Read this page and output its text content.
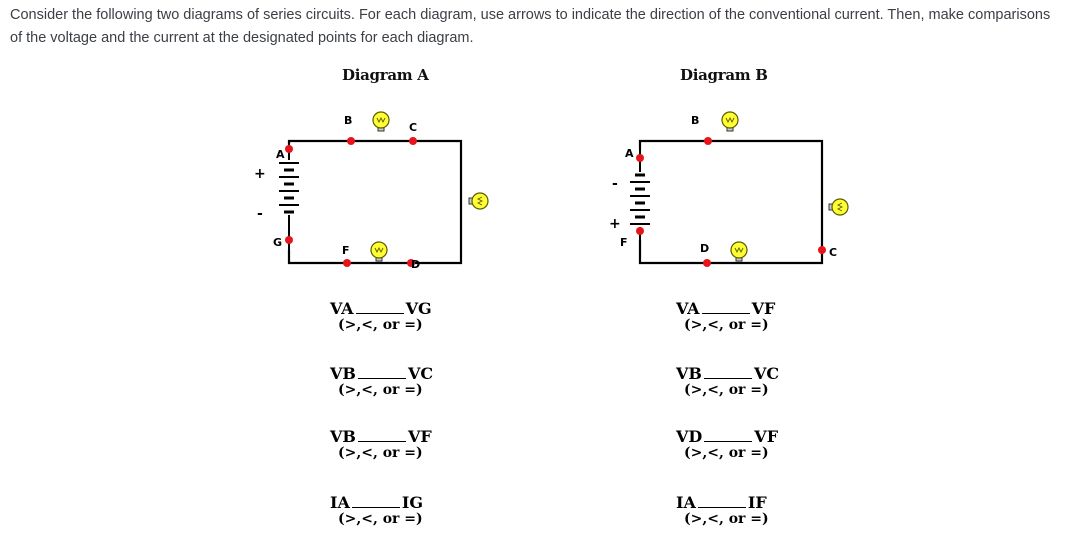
Consider the following two diagrams of series circuits. For each diagram, use arrows to indicate the direction of the conventional current. Then, make comparisons of the voltage and the current at the designated points for each diagram.

Diagram A	Diagram B
A
B
C
D
F
G
+
-
A
B
C
D
F
+
-
VA	VG
(>,<, or =)
VB	VC
(>,<, or =)
VB	VF
(>,<, or =)
IA	IG
(>,<, or =)
VA	VF
(>,<, or =)
VB	VC
(>,<, or =)
VD	VF
(>,<, or =)
IA	IF
(>,<, or =)
